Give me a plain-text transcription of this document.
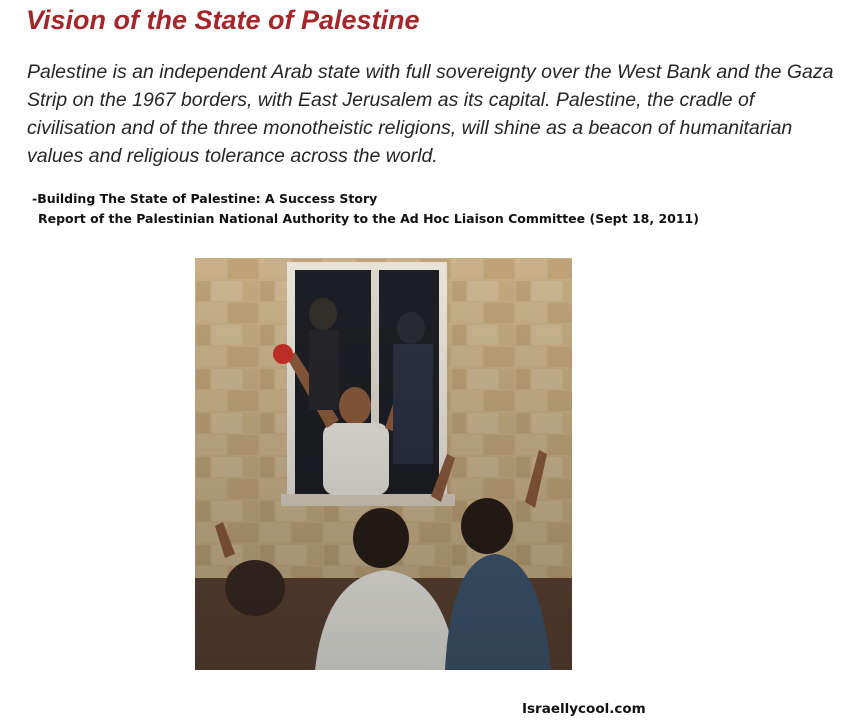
Vision of the State of Palestine

Palestine is an independent Arab state with full sovereignty over the West Bank and the Gaza Strip on the 1967 borders, with East Jerusalem as its capital. Palestine, the cradle of civilisation and of the three monotheistic religions, will shine as a beacon of humanitarian values and religious tolerance across the world.

-Building The State of Palestine: A Success Story
Report of the Palestinian National Authority to the Ad Hoc Liaison Committee (Sept 18, 2011)
Israellycool.com
